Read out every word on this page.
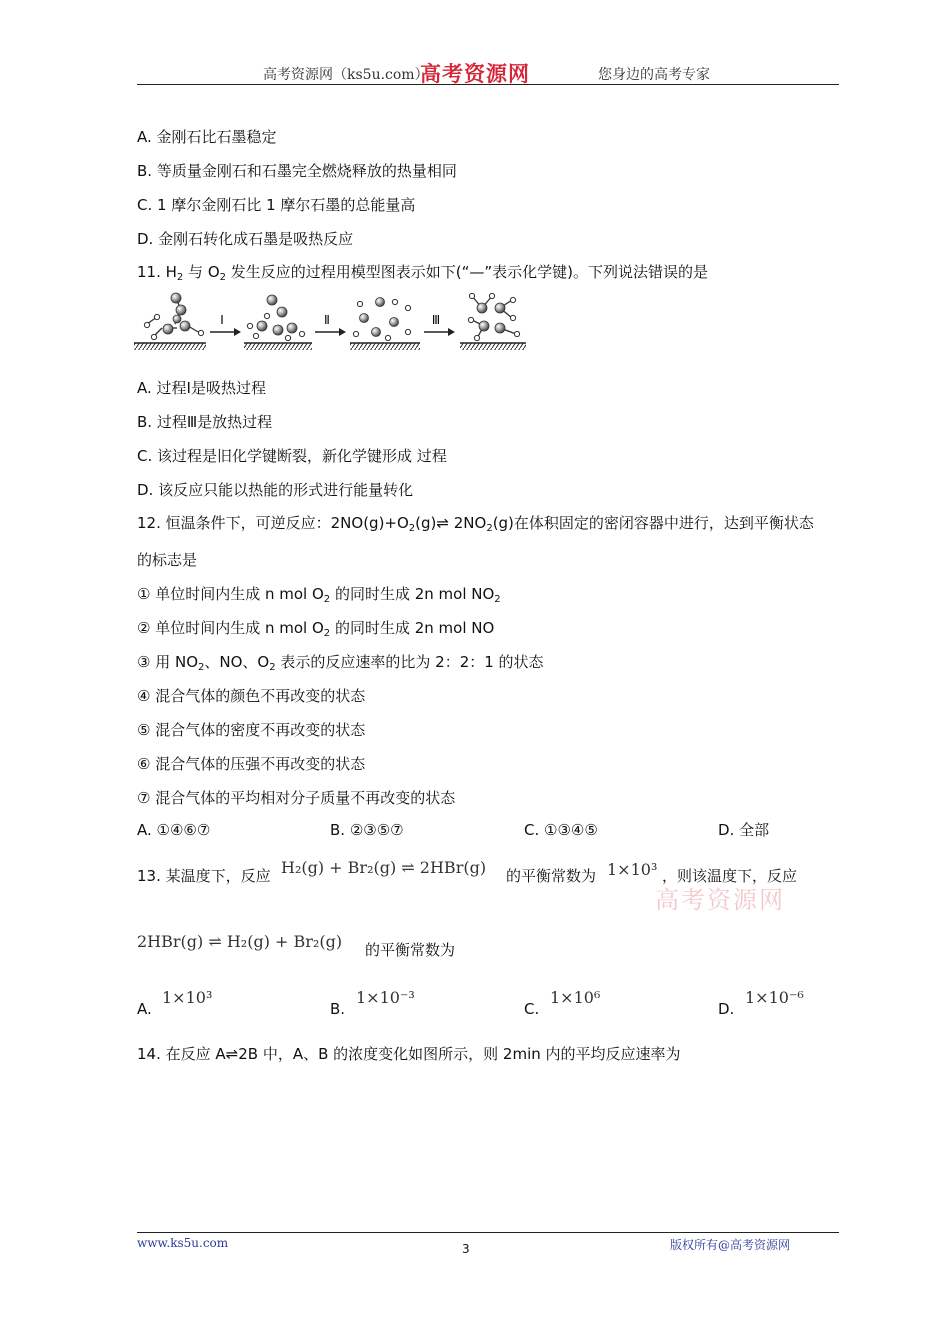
高考资源网（ks5u.com）
高考资源网	您身边的高考专家
A. 金刚石比石墨稳定
B. 等质量金刚石和石墨完全燃烧释放的热量相同
C. 1 摩尔金刚石比 1 摩尔石墨的总能量高
D. 金刚石转化成石墨是吸热反应
11. $H_2$ 与 $O_2$ 发生反应的过程用模型图表示如下(“—”表示化学键)。下列说法错误的是
Ⅰ	Ⅱ	Ⅲ
A. 过程Ⅰ是吸热过程
B. 过程Ⅲ是放热过程
C. 该过程是旧化学键断裂，新化学键形成 过程
D. 该反应只能以热能的形式进行能量转化
12. 恒温条件下，可逆反应：$2NO(g)+O_2(g)\rightleftharpoons$ $2NO_2(g)$在体积固定的密闭容器中进行，达到平衡状态
的标志是
① 单位时间内生成 n mol $O_2$ 的同时生成 2n mol $NO_2$
② 单位时间内生成 n mol $O_2$ 的同时生成 2n mol NO
③ 用 $NO_2$、NO、$O_2$ 表示的反应速率的比为 2：2：1 的状态
④ 混合气体的颜色不再改变的状态
⑤ 混合气体的密度不再改变的状态
⑥ 混合气体的压强不再改变的状态
⑦ 混合气体的平均相对分子质量不再改变的状态
A. ①④⑥⑦	B. ②③⑤⑦	C. ①③④⑤	D. 全部
13. 某温度下，反应 H₂(g) + Br₂(g) ⇌ 2HBr(g) 的平衡常数为 1×10³ ，则该温度下，反应
高考资源网
2HBr(g) ⇌ H₂(g) + Br₂(g) 的平衡常数为
A.
1×10³
B.
1×10⁻³
C.
1×10⁶
D.
1×10⁻⁶
14. 在反应 A⇌2B 中，A、B 的浓度变化如图所示，则 2min 内的平均反应速率为
www.ks5u.com	3	版权所有@高考资源网
